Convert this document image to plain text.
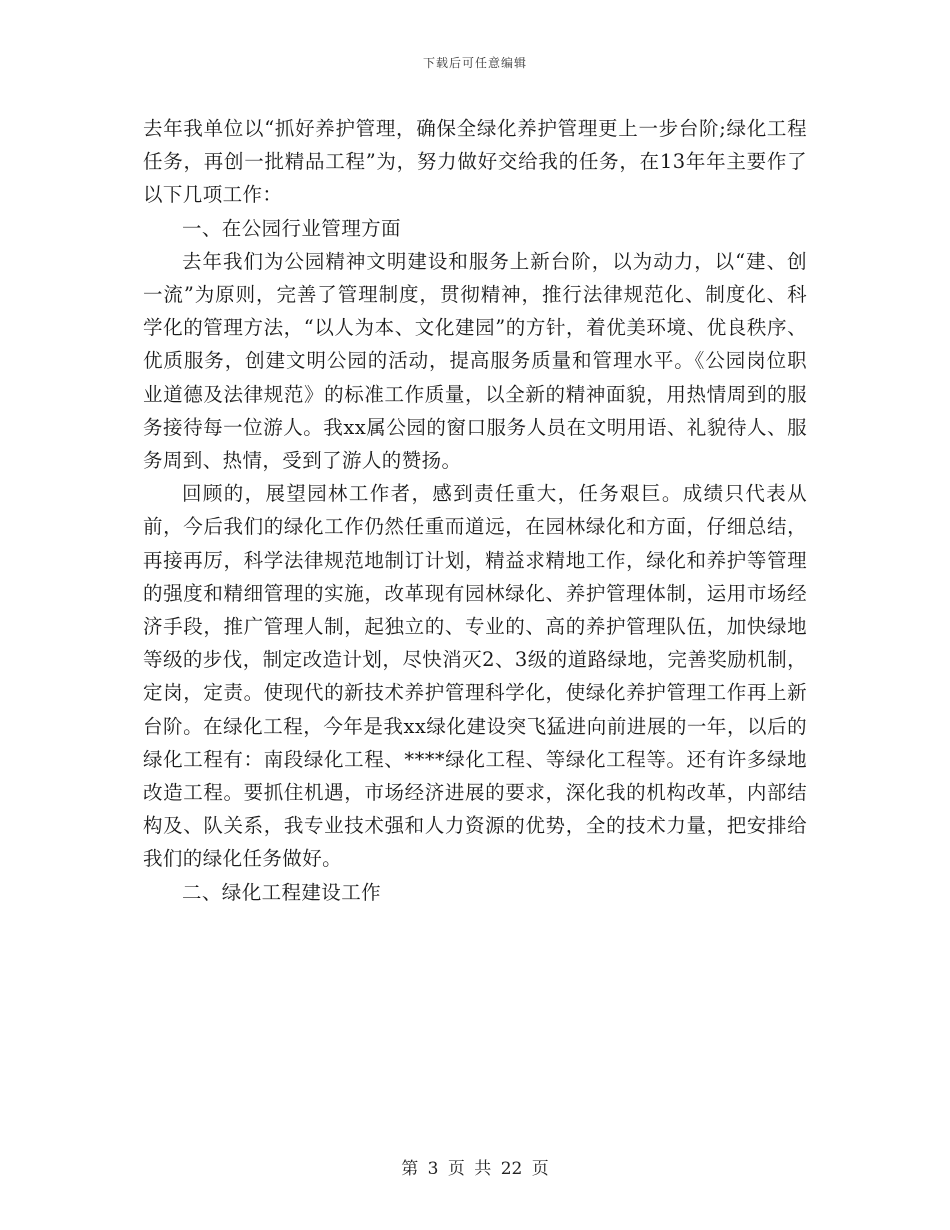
下载后可任意编辑

去年我单位以“抓好养护管理，确保全绿化养护管理更上一步台阶;绿化工程任务，再创一批精品工程”为，努力做好交给我的任务，在13年年主要作了以下几项工作：

一、在公园行业管理方面

去年我们为公园精神文明建设和服务上新台阶，以为动力，以“建、创一流”为原则，完善了管理制度，贯彻精神，推行法律规范化、制度化、科学化的管理方法，“以人为本、文化建园”的方针，着优美环境、优良秩序、优质服务，创建文明公园的活动，提高服务质量和管理水平。《公园岗位职业道德及法律规范》的标准工作质量，以全新的精神面貌，用热情周到的服务接待每一位游人。我xx属公园的窗口服务人员在文明用语、礼貌待人、服务周到、热情，受到了游人的赞扬。

回顾的，展望园林工作者，感到责任重大，任务艰巨。成绩只代表从前，今后我们的绿化工作仍然任重而道远，在园林绿化和方面，仔细总结，再接再厉，科学法律规范地制订计划，精益求精地工作，绿化和养护等管理的强度和精细管理的实施，改革现有园林绿化、养护管理体制，运用市场经济手段，推广管理人制，起独立的、专业的、高的养护管理队伍，加快绿地等级的步伐，制定改造计划，尽快消灭2、3级的道路绿地，完善奖励机制，定岗，定责。使现代的新技术养护管理科学化，使绿化养护管理工作再上新台阶。在绿化工程，今年是我xx绿化建设突飞猛进向前进展的一年，以后的绿化工程有：南段绿化工程、****绿化工程、等绿化工程等。还有许多绿地改造工程。要抓住机遇，市场经济进展的要求，深化我的机构改革，内部结构及、队关系，我专业技术强和人力资源的优势，全的技术力量，把安排给我们的绿化任务做好。

二、绿化工程建设工作

第 3 页 共 22 页
